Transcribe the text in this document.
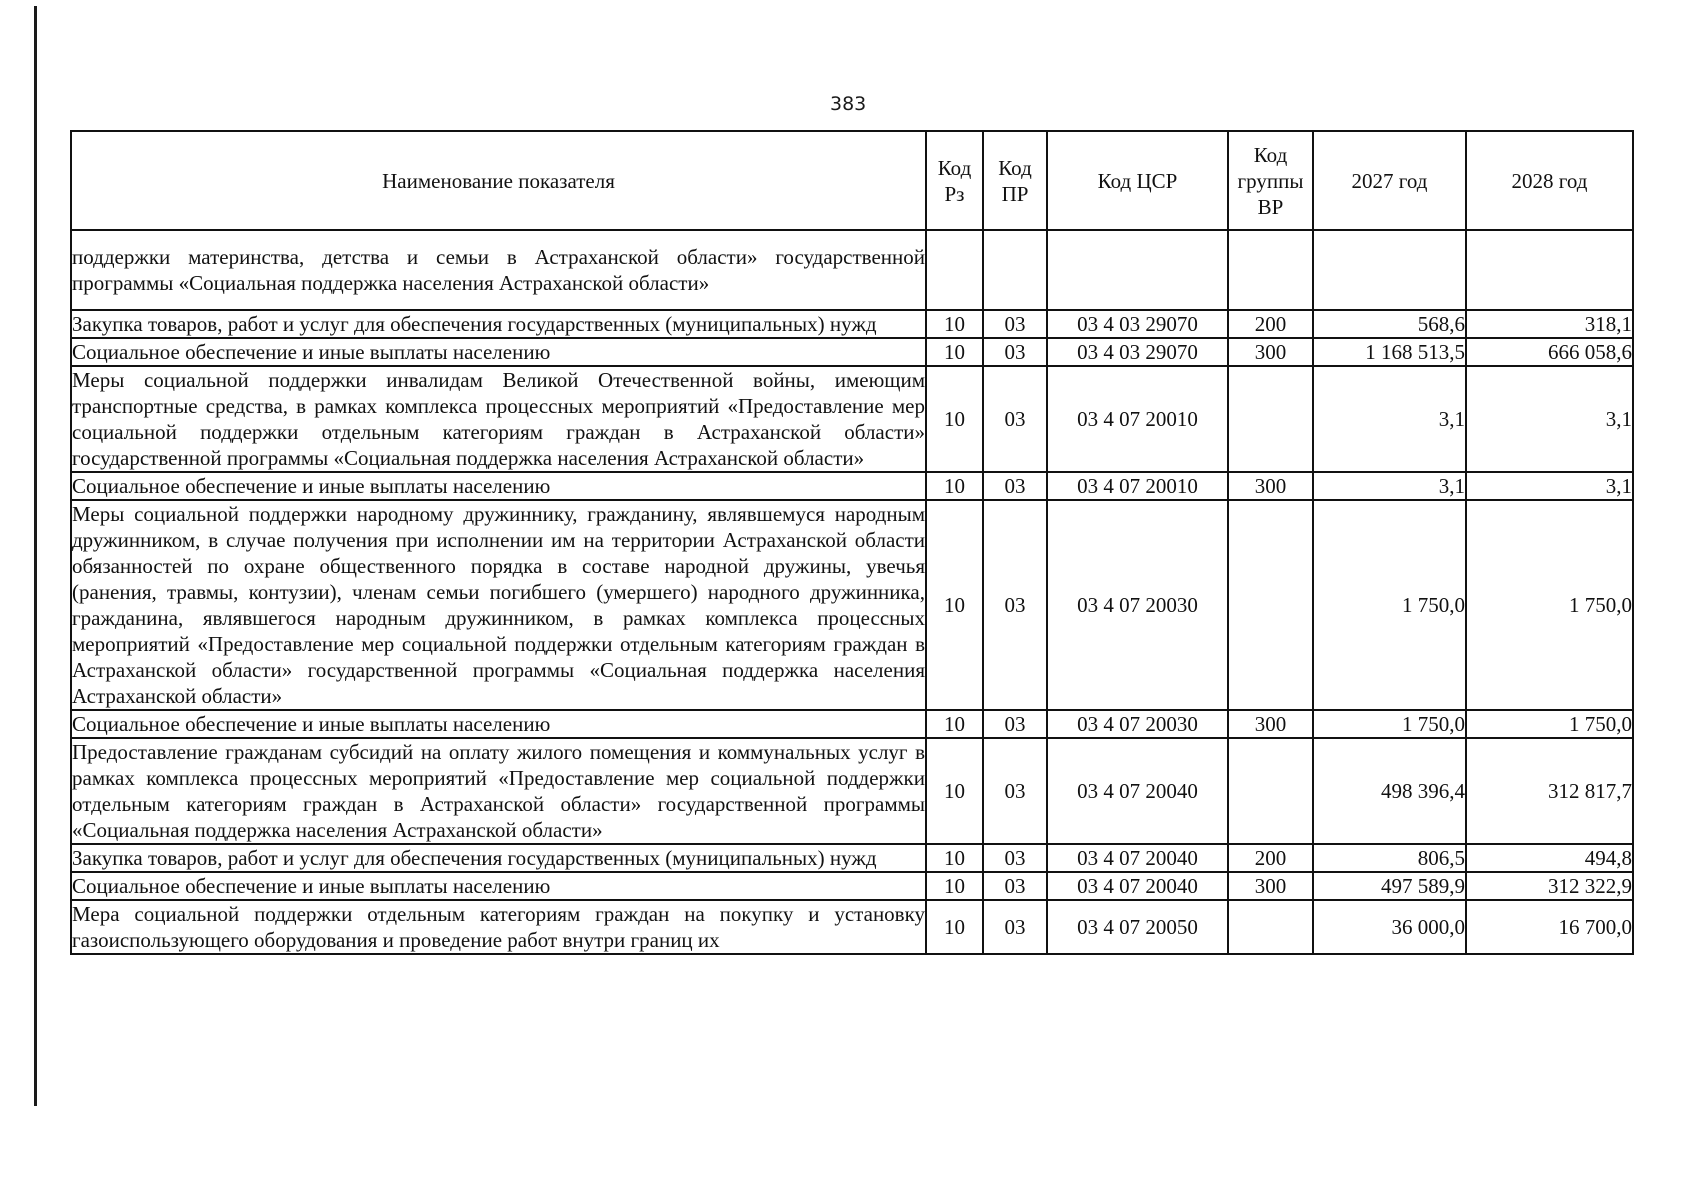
383
Наименование показателя	Код Рз	Код ПР	Код ЦСР	Код группы ВР	2027 год	2028 год
поддержки материнства, детства и семьи в Астраханской области» государственной программы «Социальная поддержка населения Астраханской области»						
Закупка товаров, работ и услуг для обеспечения государственных (муниципальных) нужд	10	03	03 4 03 29070	200	568,6	318,1
Социальное обеспечение и иные выплаты населению	10	03	03 4 03 29070	300	1 168 513,5	666 058,6
Меры социальной поддержки инвалидам Великой Отечественной войны, имеющим транспортные средства, в рамках комплекса процессных мероприятий «Предоставление мер социальной поддержки отдельным категориям граждан в Астраханской области» государственной программы «Социальная поддержка населения Астраханской области»	10	03	03 4 07 20010		3,1	3,1
Социальное обеспечение и иные выплаты населению	10	03	03 4 07 20010	300	3,1	3,1
Меры социальной поддержки народному дружиннику, гражданину, являвшемуся народным дружинником, в случае получения при исполнении им на территории Астраханской области обязанностей по охране общественного порядка в составе народной дружины, увечья (ранения, травмы, контузии), членам семьи погибшего (умершего) народного дружинника, гражданина, являвшегося народным дружинником, в рамках комплекса процессных мероприятий «Предоставление мер социальной поддержки отдельным категориям граждан в Астраханской области» государственной программы «Социальная поддержка населения Астраханской области»	10	03	03 4 07 20030		1 750,0	1 750,0
Социальное обеспечение и иные выплаты населению	10	03	03 4 07 20030	300	1 750,0	1 750,0
Предоставление гражданам субсидий на оплату жилого помещения и коммунальных услуг в рамках комплекса процессных мероприятий «Предоставление мер социальной поддержки отдельным категориям граждан в Астраханской области» государственной программы «Социальная поддержка населения Астраханской области»	10	03	03 4 07 20040		498 396,4	312 817,7
Закупка товаров, работ и услуг для обеспечения государственных (муниципальных) нужд	10	03	03 4 07 20040	200	806,5	494,8
Социальное обеспечение и иные выплаты населению	10	03	03 4 07 20040	300	497 589,9	312 322,9
Мера социальной поддержки отдельным категориям граждан на покупку и установку газоиспользующего оборудования и проведение работ внутри границ их	10	03	03 4 07 20050		36 000,0	16 700,0
